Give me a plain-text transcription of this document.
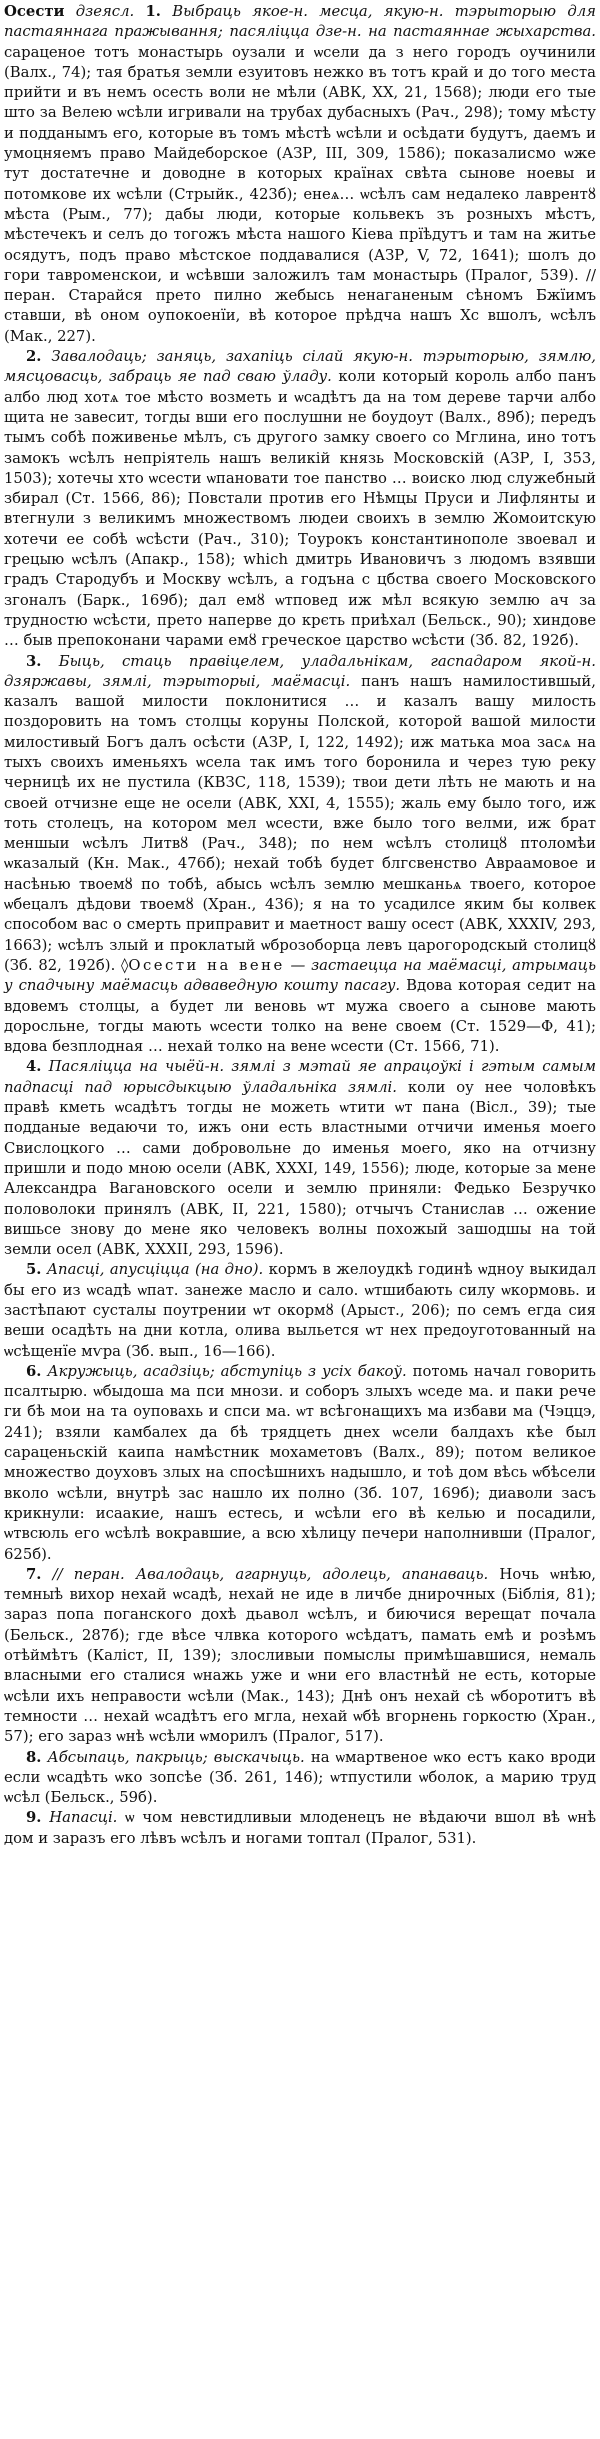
Осести дзеясл. 1. Выбраць якое-н. месца, якую-н. тэрыторыю для пастаяннага пражывання; пасяліцца дзе-н. на пастаяннае жыхарства. сараценое тотъ монастырь оузали и ѡсели да з него городъ оучинили (Валх., 74); тая братья земли езуитовъ нежко въ тотъ край и до того места прийти и въ немъ осесть воли не мѣли (АВК, XX, 21, 1568); люди его тые што за Велею ѡсѣли игривали на трубах дубасныхъ (Рач., 298); тому мѣсту и подданымъ его, которые въ томъ мѣстѣ ѡсѣли и осѣдати будутъ, даемъ и умоцняемъ право Майдеборское (АЗР, III, 309, 1586); показалисмо ѡже тут достатечне и доводне в которых країнах свѣта сынове ноевы и потомкове их ѡсѣли (Стрыйк., 423б); енеѧ… ѡсѣлъ сам недалеко лаврентȣ мѣста (Рым., 77); дабы люди, которые кольвекъ зъ розныхъ мѣстъ, мѣстечекъ и селъ до тогожъ мѣста нашого Кіева прїѣдутъ и там на житье осядутъ, подъ право мѣстское поддавалися (АЗР, V, 72, 1641); шолъ до гори тавроменскои, и ѡсѣвши заложилъ там монастырь (Пралог, 539). // перан. Старайся прето пилно жебысь ненаганеным сѣномъ Бжїимъ ставши, вѣ оном оупокоенїи, вѣ которое прѣдча нашъ Хс вшолъ, ѡсѣлъ (Мак., 227).

2. Завалодаць; заняць, захапіць сілай якую-н. тэрыторыю, зямлю, мясцовасць, забраць яе пад сваю ўладу. коли который король албо панъ албо люд хотѧ тое мѣсто возметь и ѡсадѣтъ да на том дереве тарчи албо щита не завесит, тогды вши его послушни не боудоут (Валх., 89б); передъ тымъ собѣ поживенье мѣлъ, съ другого замку своего со Мглина, ино тотъ замокъ ѡсѣлъ непріятель нашъ великій князь Московскій (АЗР, I, 353, 1503); хотечы хто ѡсести ѡпановати тое панство … воиско люд служебный збирал (Ст. 1566, 86); Повстали против его Нѣмцы Пруси и Лифлянты и втегнули з великимъ множествомъ людеи своихъ в землю Жомоитскую хотечи ее собѣ ѡсѣсти (Рач., 310); Тоурокъ константинополе звоевал и грецыю ѡсѣлъ (Апакр., 158); which дмитрь Ивановичъ з людомъ взявши градъ Стародубъ и Москву ѡсѣлъ, а годъна с цбства своего Московского згоналъ (Барк., 169б); дал емȣ ѡтповед иж мѣл всякую землю ач за трудностю ѡсѣсти, прето наперве до крєть приѣхал (Бельск., 90); хиндове … быв препоконани чарами емȣ греческое царство ѡсѣсти (Зб. 82, 192б).

3. Быць, стаць правіцелем, уладальнікам, гаспадаром якой-н. дзяржавы, зямлі, тэрыторыі, маёмасці. панъ нашъ намилостившый, казалъ вашой милости поклонитися … и казалъ вашу милость поздоровить на томъ столцы коруны Полской, которой вашой милости милостивый Богъ далъ осѣсти (АЗР, I, 122, 1492); иж матька моа засѧ на тыхъ своихъ именьяхъ ѡсела так имъ того боронила и через тую реку черницѣ их не пустила (КВЗС, 118, 1539); твои дети лѣть не мають и на своей отчизне еще не осели (АВК, XXI, 4, 1555); жаль ему было того, иж тоть столецъ, на котором мел ѡсести, вже было того велми, иж брат меншыи ѡсѣлъ Литвȣ (Рач., 348); по нем ѡсѣлъ столицȣ птоломѣи ѡказалый (Кн. Мак., 476б); нехай тобѣ будет блгсвенство Авраамовое и насѣнью твоемȣ по тобѣ, абысь ѡсѣлъ землю мешканьѧ твоего, которое ѡбецалъ дѣдови твоемȣ (Хран., 436); я на то усадилсе яким бы колвек способом вас о смерть приправит и маетност вашу осест (АВК, XXXIV, 293, 1663); ѡсѣлъ злый и проклатый ѡброзоборца левъ царогородскый столицȣ (Зб. 82, 192б). ◊Осести на вене — застаецца на маёмасці, атрымаць у спадчыну маёмасць адваведную кошту пасагу. Вдова которая седит на вдовемъ столцы, а будет ли веновь ѡт мужа своего а сынове мають доросльне, тогды мають ѡсести толко на вене своем (Ст. 1529—Ф, 41); вдова безплодная … нехай толко на вене ѡсести (Ст. 1566, 71).

4. Пасяліцца на чыёй-н. зямлі з мэтай яе апрацоўкі і гэтым самым падпасці пад юрысдыкцыю ўладальніка зямлі. коли оу нее чоловѣкъ правѣ кметь ѡсадѣтъ тогды не можеть ѡтити ѡт пана (Вісл., 39); тые подданые ведаючи то, ижъ они есть властными отчичи именья моего Свислоцкого … сами добровольне до именья моего, яко на отчизну пришли и подо мною осели (АВК, XXXI, 149, 1556); люде, которые за мене Александра Вагановского осели и землю приняли: Федько Безручко половолоки принялъ (АВК, II, 221, 1580); отчычъ Станислав … ожение вишьсе знову до мене яко человекъ волны похожый зашодшы на той земли осел (АВК, XXXII, 293, 1596).

5. Апасці, апусціцца (на дно). кормъ в желоудкѣ годинѣ ѡдноу выкидал бы его из ѡсадѣ ѡпат. занеже масло и сало. ѡтшибають силу ѡкормовь. и застѣпают сусталы поутрении ѡт окормȣ (Арыст., 206); по семъ егда сия веши осадѣть на дни котла, олива выльется ѡт нех предоуготованный на ѡсѣщенїе мѵра (Зб. вып., 16—166).

6. Акружыць, асадзіць; абступіць з усіх бакоў. потомь начал говорить псалтырю. ѡбыдоша ма пси мнози. и соборъ злыхъ ѡседе ма. и паки рече ги бѣ мои на та оуповахь и спси ма. ѡт всѣгонащихъ ма избави ма (Чэццэ, 241); взяли камбалех да бѣ трядцеть днех ѡсели балдахъ кѣе был сараценьскій каипа намѣстник мохаметовъ (Валх., 89); потом великое множество доуховъ злых на спосѣшнихъ надышло, и тоѣ дом вѣсь ѡбѣсели вколо ѡсѣли, внутрѣ зас нашло их полно (Зб. 107, 169б); диаволи засъ крикнули: исаакие, нашъ естесь, и ѡсѣли его вѣ келью и посадили, ѡтвсюль его ѡсѣлѣ вокравшие, а всю хѣлицу печери наполнивши (Пралог, 625б).

7. // перан. Авалодаць, агарнуць, адолець, апанаваць. Ночь ѡнѣю, темныѣ вихор нехай ѡсадѣ, нехай не иде в личбе днирочных (Біблія, 81); зараз попа поганского дохѣ дьавол ѡсѣлъ, и биючися верещат почала (Бельск., 287б); где вѣсе члвка которого ѡсѣдатъ, памать емѣ и розѣмъ отѣймѣтъ (Каліст, II, 139); злосливыи помыслы примѣшавшися, немаль власными его сталися ѡнажь уже и ѡни его властнѣй не есть, которые ѡсѣли ихъ неправости ѡсѣли (Мак., 143); Днѣ онъ нехай сѣ ѡборотитъ вѣ темности … нехай ѡсадѣтъ его мгла, нехай ѡбѣ вгорнень горкостю (Хран., 57); его зараз ѡнѣ ѡсѣли ѡморилъ (Пралог, 517).

8. Абсыпаць, пакрыць; выскачыць. на ѡмартвеное ѡко естъ како вроди если ѡсадѣть ѡко зопсѣе (Зб. 261, 146); ѡтпустили ѡболок, а марию труд ѡсѣл (Бельск., 59б).

9. Напасці. ѡ чом невстидливыи млоденецъ не вѣдаючи вшол вѣ ѡнѣ дом и заразъ его лѣвъ ѡсѣлъ и ногами топтал (Пралог, 531).
